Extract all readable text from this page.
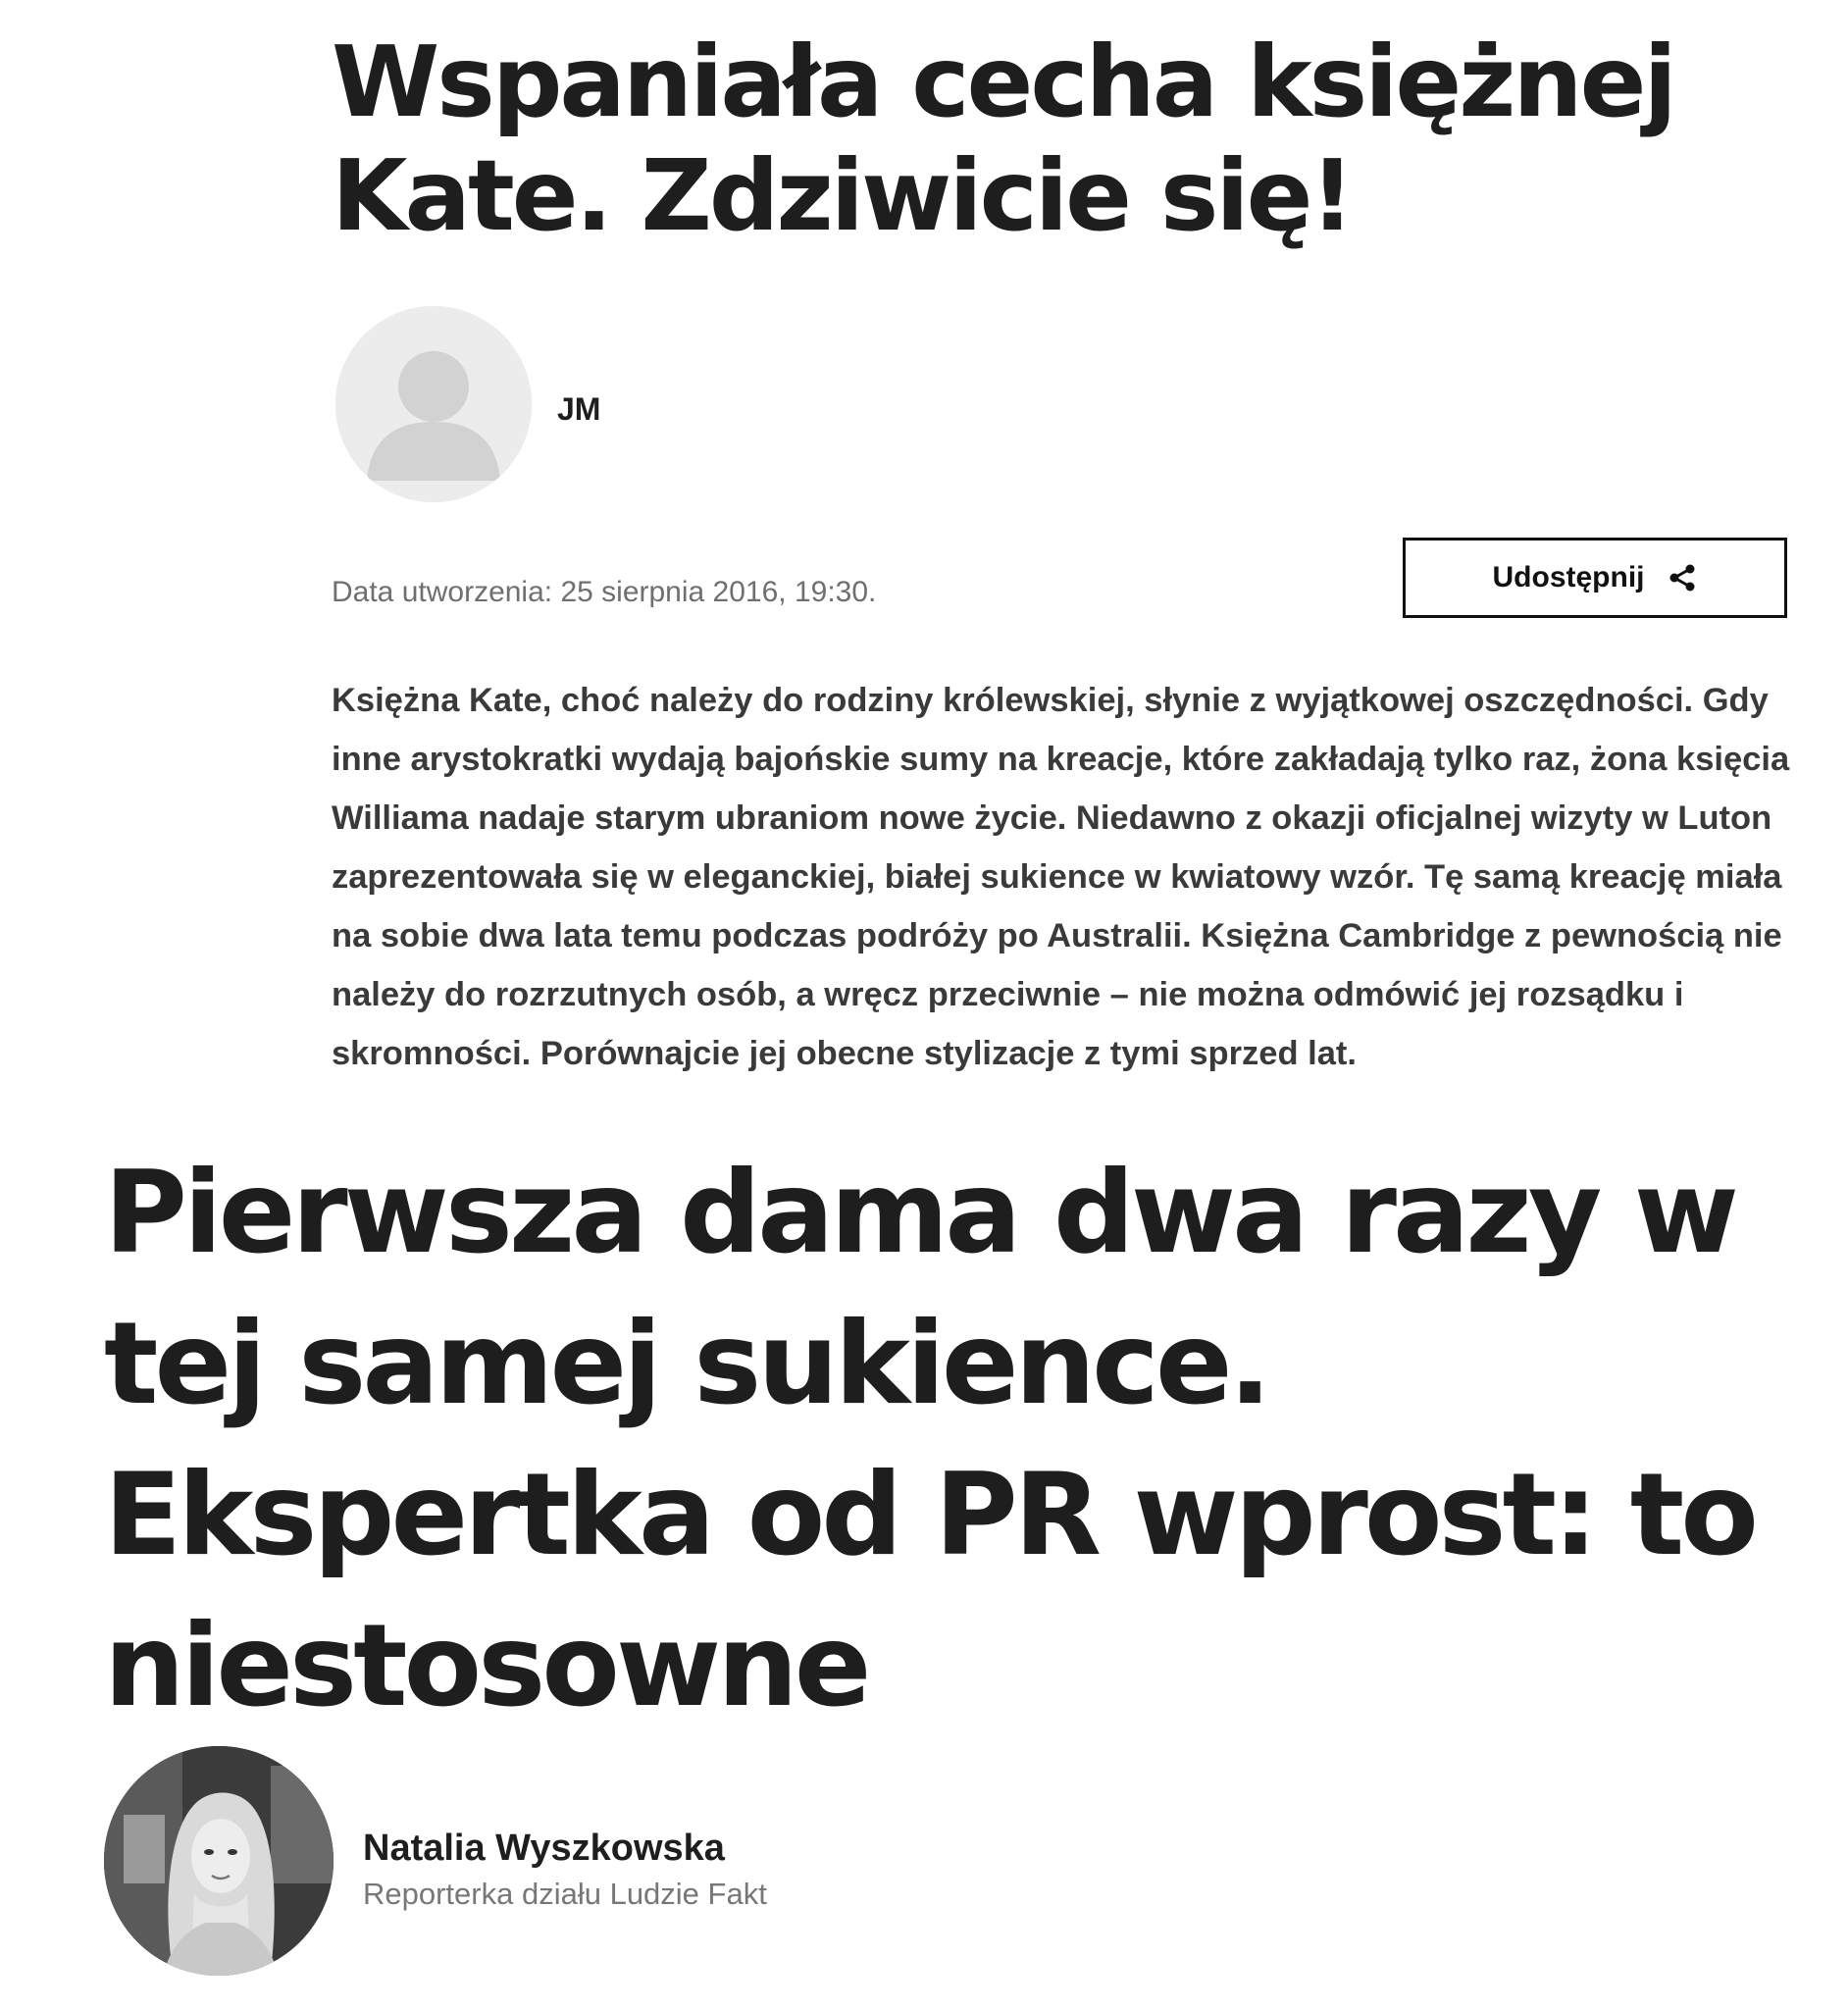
Wspaniała cecha księżnej Kate. Zdziwicie się!
JM
Data utworzenia: 25 sierpnia 2016, 19:30.	Udostępnij

Księżna Kate, choć należy do rodziny królewskiej, słynie z wyjątkowej oszczędności. Gdy inne arystokratki wydają bajońskie sumy na kreacje, które zakładają tylko raz, żona księcia Williama nadaje starym ubraniom nowe życie. Niedawno z okazji oficjalnej wizyty w Luton zaprezentowała się w eleganckiej, białej sukience w kwiatowy wzór. Tę samą kreację miała na sobie dwa lata temu podczas podróży po Australii. Księżna Cambridge z pewnością nie należy do rozrzutnych osób, a wręcz przeciwnie – nie można odmówić jej rozsądku i skromności. Porównajcie jej obecne stylizacje z tymi sprzed lat.

Pierwsza dama dwa razy w tej samej sukience. Ekspertka od PR wprost: to niestosowne
Natalia Wyszkowska
Reporterka działu Ludzie Fakt
